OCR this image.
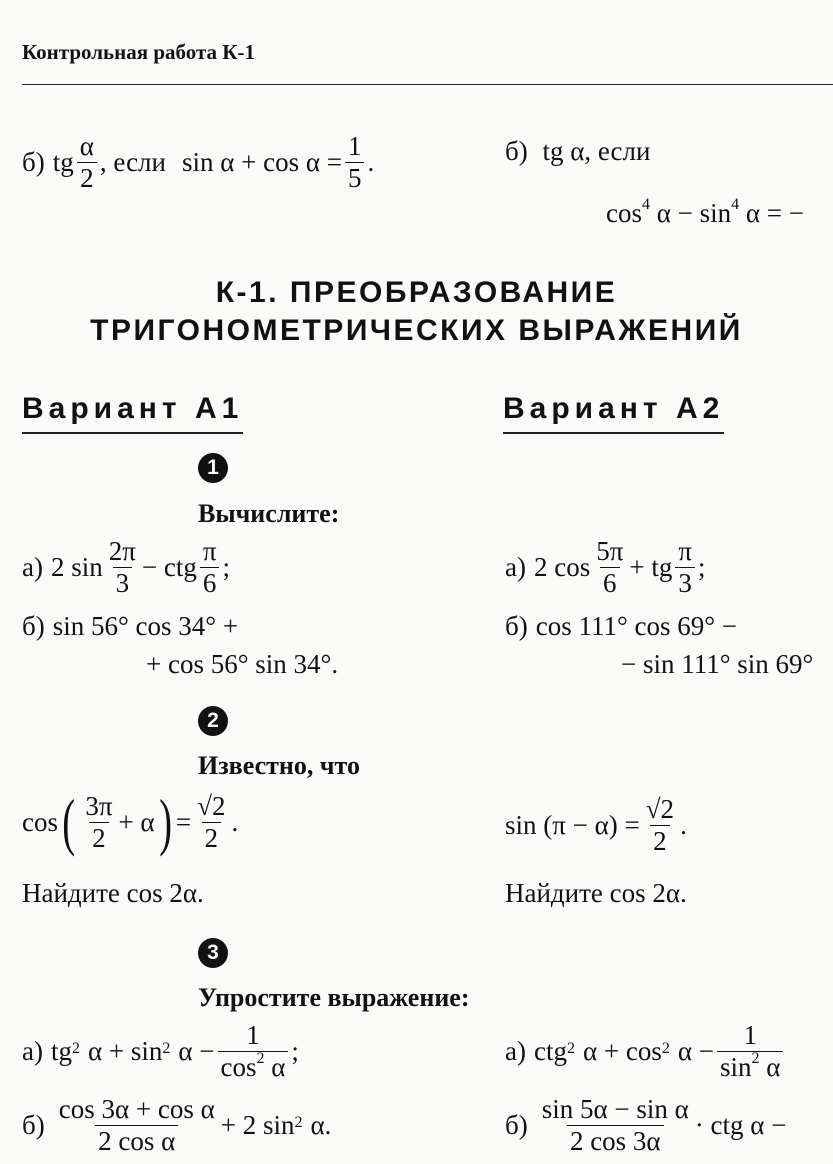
Контрольная работа К-1
б) tg $\frac{\alpha}{2}$ , если $\sin \alpha + \cos \alpha = \frac{1}{5}$ .	б) tg α, если
$\cos^4 \alpha - \sin^4 \alpha$ = −
К-1. ПРЕОБРАЗОВАНИЕ
ТРИГОНОМЕТРИЧЕСКИХ ВЫРАЖЕНИЙ
Вариант А1	Вариант А2
1
Вычислите:
а) 2 $\sin \frac{2\pi}{3}$ − ctg $\frac{\pi}{6}$ ;	а) 2 $\cos \frac{5\pi}{6}$ + tg $\frac{\pi}{3}$ ;
б) sin 56° cos 34° +
+ cos 56° sin 34°.
б) cos 111° cos 69° −
− sin 111° sin 69°
2
Известно, что
cos ( $\frac{3\pi}{2} + \alpha$ ) = $\frac{√2}{2}$ .	$\sin (\pi - \alpha) = \frac{√2}{2}$ .
Найдите cos 2α.	Найдите cos 2α.
3
Упростите выражение:
а) tg 2 α + sin 2 $\alpha - \frac{1}{\cos^2 \alpha}$ ;	а) ctg 2 α + cos 2 $\alpha - \frac{1}{\sin^2 \alpha}$
$б) \frac{\text{cos 3α + cos α}}{\text{2 cos α}} + 2$ sin 2 α.	$б) \frac{\text{sin 5α − sin α}}{2 \cos 3\alpha}$ · ctg α −
